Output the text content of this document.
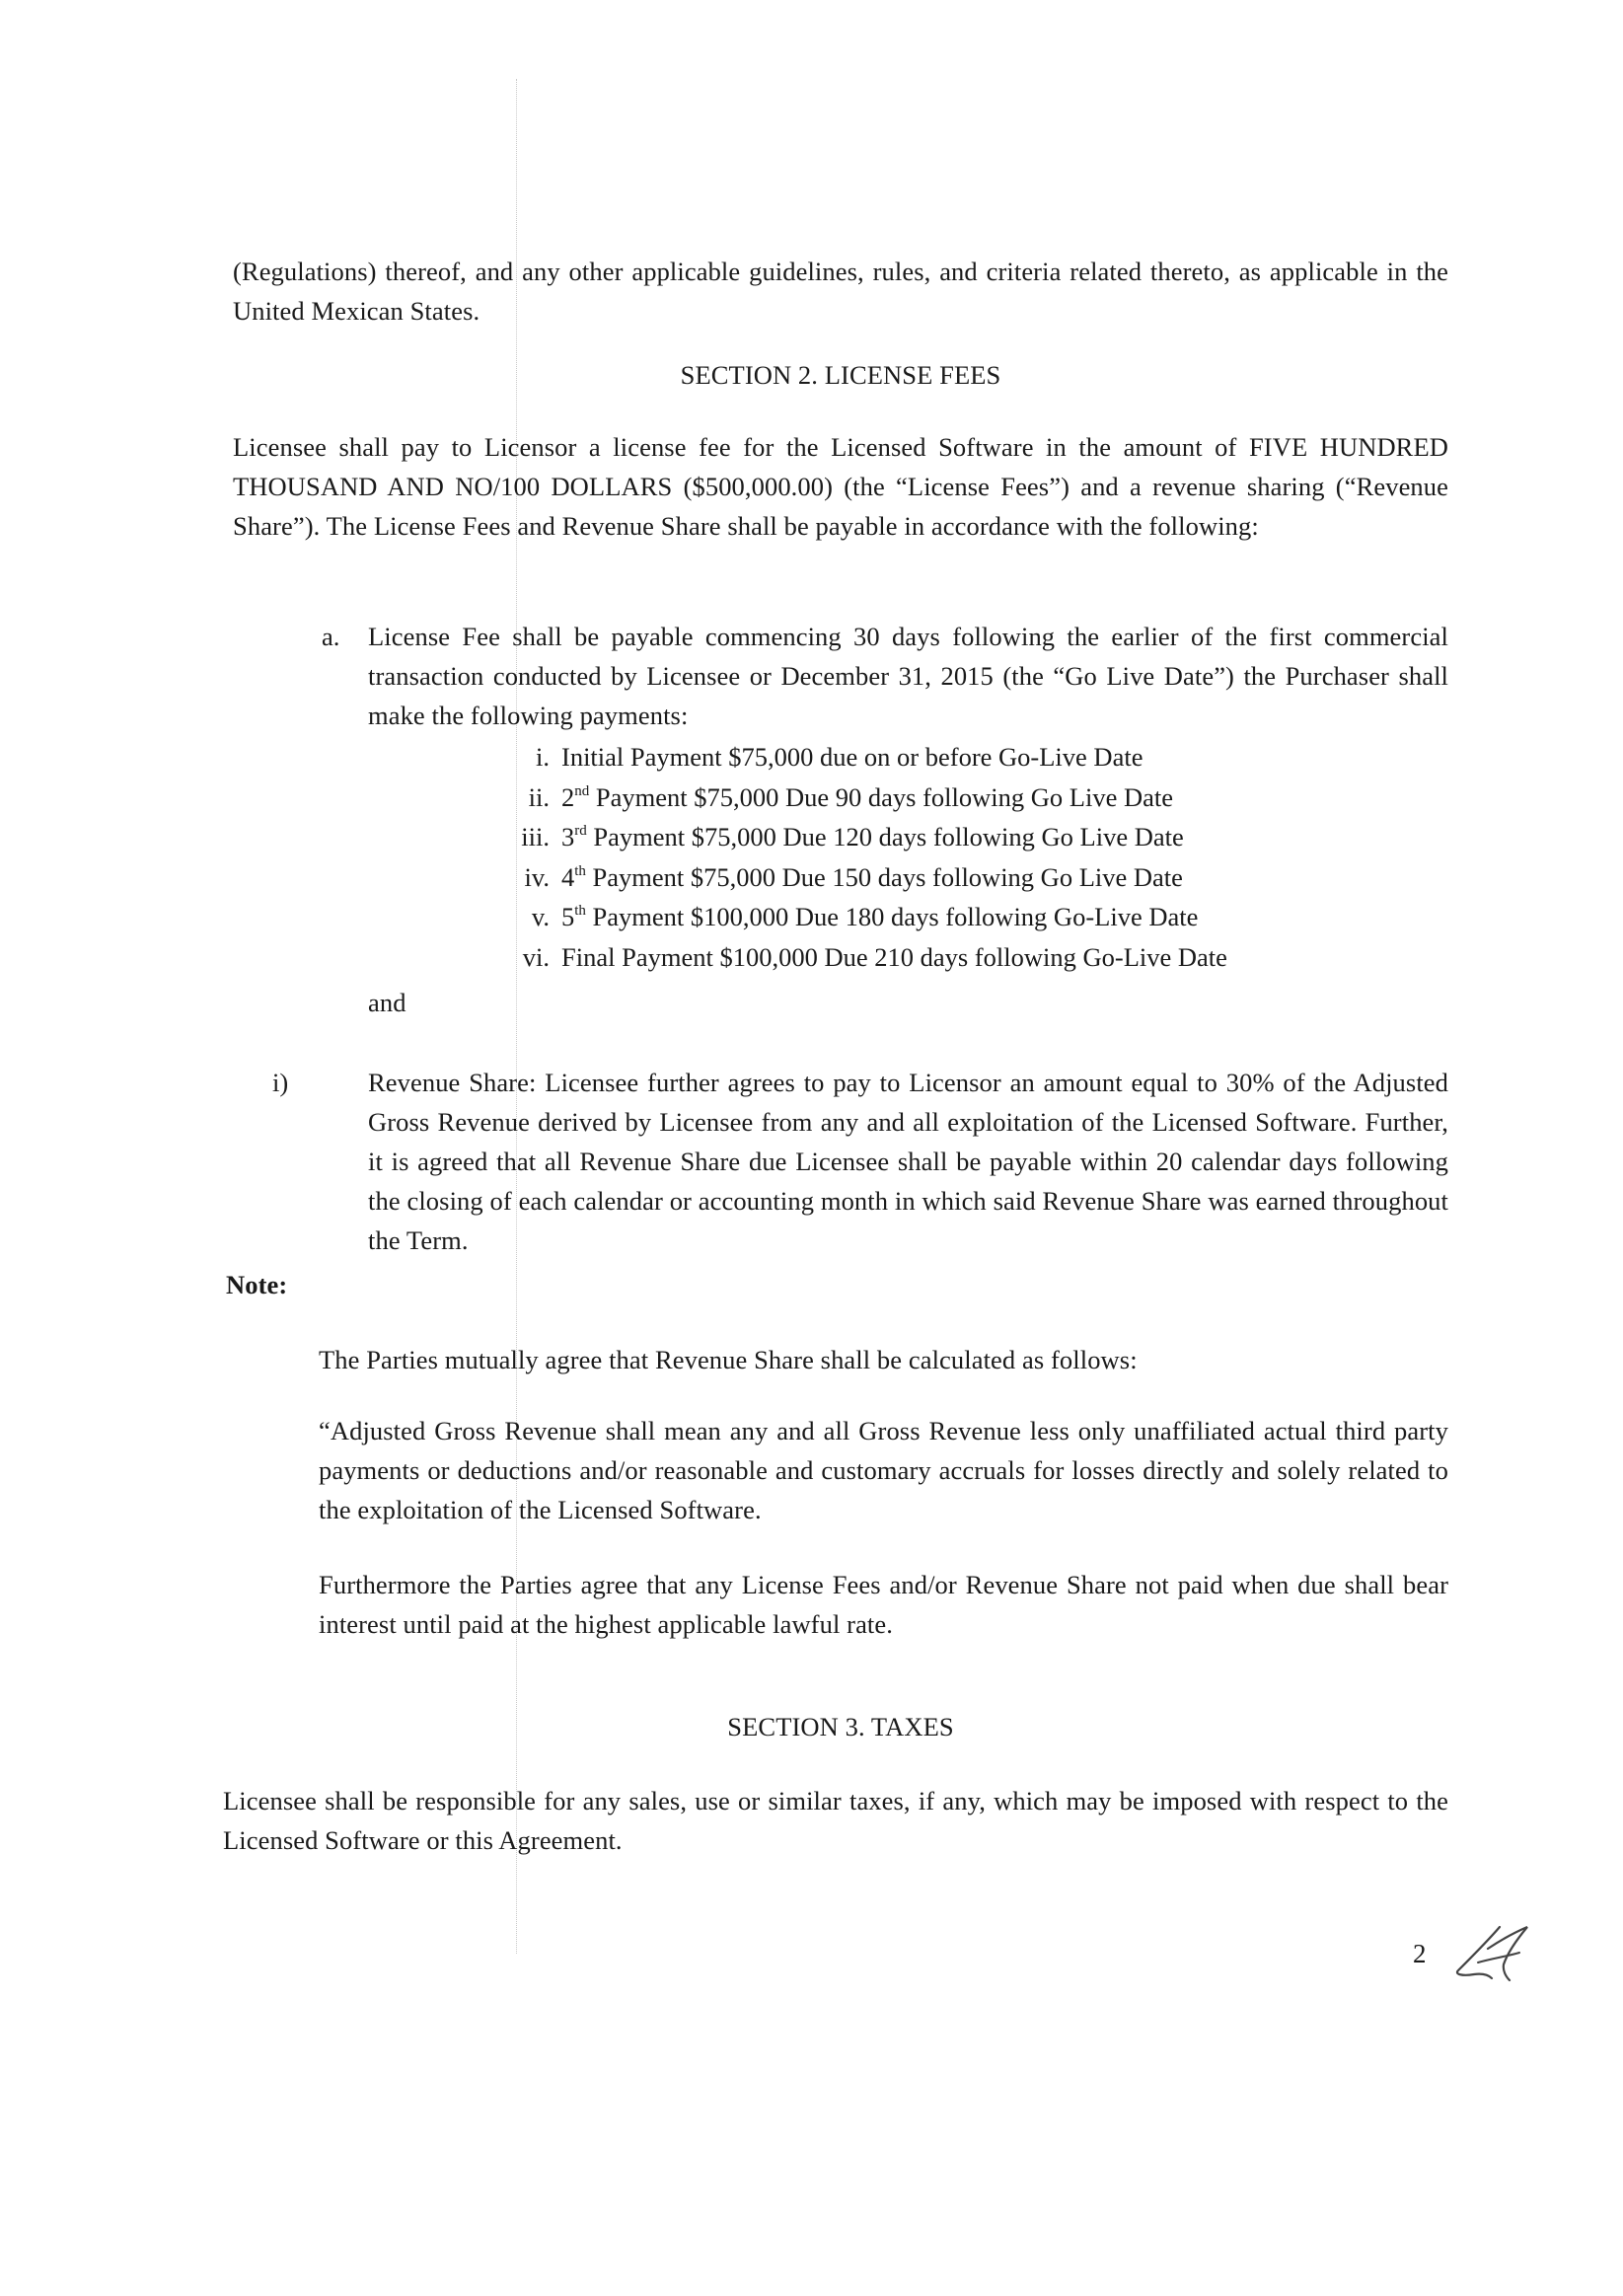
(Regulations) thereof, and any other applicable guidelines, rules, and criteria related thereto, as applicable in the United Mexican States.
SECTION 2. LICENSE FEES
Licensee shall pay to Licensor a license fee for the Licensed Software in the amount of FIVE HUNDRED THOUSAND AND NO/100 DOLLARS ($500,000.00) (the “License Fees”) and a revenue sharing (“Revenue Share”). The License Fees and Revenue Share shall be payable in accordance with the following:
a. License Fee shall be payable commencing 30 days following the earlier of the first commercial transaction conducted by Licensee or December 31, 2015 (the “Go Live Date”) the Purchaser shall make the following payments:
i. Initial Payment $75,000 due on or before Go-Live Date
ii. 2nd Payment $75,000 Due 90 days following Go Live Date
iii. 3rd Payment $75,000 Due 120 days following Go Live Date
iv. 4th Payment $75,000 Due 150 days following Go Live Date
v. 5th Payment $100,000 Due 180 days following Go-Live Date
vi. Final Payment $100,000 Due 210 days following Go-Live Date
and
i)	Revenue Share: Licensee further agrees to pay to Licensor an amount equal to 30% of the Adjusted Gross Revenue derived by Licensee from any and all exploitation of the Licensed Software. Further, it is agreed that all Revenue Share due Licensee shall be payable within 20 calendar days following the closing of each calendar or accounting month in which said Revenue Share was earned throughout the Term.
Note:
The Parties mutually agree that Revenue Share shall be calculated as follows:
“Adjusted Gross Revenue shall mean any and all Gross Revenue less only unaffiliated actual third party payments or deductions and/or reasonable and customary accruals for losses directly and solely related to the exploitation of the Licensed Software.
Furthermore the Parties agree that any License Fees and/or Revenue Share not paid when due shall bear interest until paid at the highest applicable lawful rate.
SECTION 3. TAXES
Licensee shall be responsible for any sales, use or similar taxes, if any, which may be imposed with respect to the Licensed Software or this Agreement.
2
